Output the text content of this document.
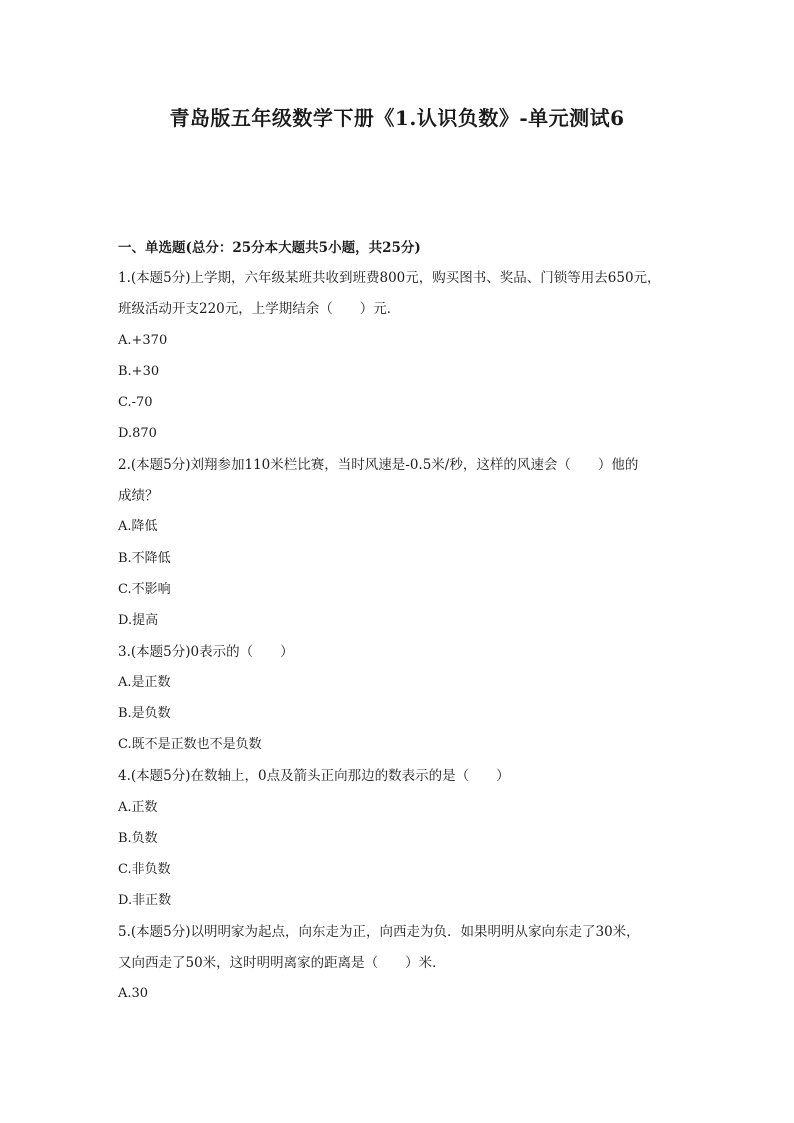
青岛版五年级数学下册《1.认识负数》-单元测试6
一、单选题(总分：25分本大题共5小题，共25分)
1.(本题5分)上学期，六年级某班共收到班费800元，购买图书、奖品、门锁等用去650元，
班级活动开支220元，上学期结余（　　）元．
A.+370
B.+30
C.-70
D.870
2.(本题5分)刘翔参加110米栏比赛，当时风速是-0.5米/秒，这样的风速会（　　）他的
成绩？
A.降低
B.不降低
C.不影响
D.提高
3.(本题5分)0表示的（　　）
A.是正数
B.是负数
C.既不是正数也不是负数
4.(本题5分)在数轴上，0点及箭头正向那边的数表示的是（　　）
A.正数
B.负数
C.非负数
D.非正数
5.(本题5分)以明明家为起点，向东走为正，向西走为负．如果明明从家向东走了30米，
又向西走了50米，这时明明离家的距离是（　　）米．
A.30
